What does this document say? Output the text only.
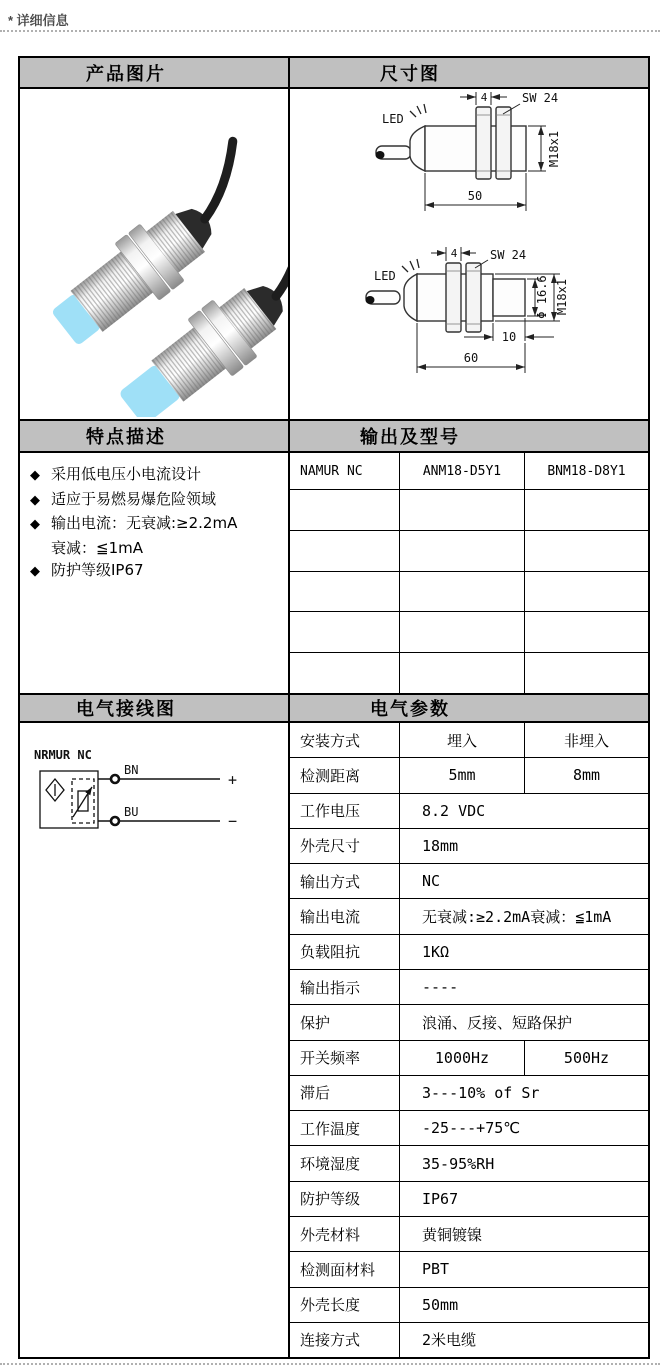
* 详细信息
产品图片	尺寸图
4	SW 24
LED
M18x1
50
4	SW 24
LED	Φ 16.6 M18x1
10
60
特点描述	输出及型号
◆ 采用低电压小电流设计
◆ 适应于易燃易爆危险领域
◆ 输出电流：无衰减:≥2.2mA
衰减：≦1mA
◆ 防护等级IP67
NAMUR NC	ANM18-D5Y1	BNM18-D8Y1
电气接线图	电气参数
NRMUR NC
BN
BU
+
−
安装方式	埋入	非埋入
检测距离	5mm	8mm
工作电压	8.2 VDC
外壳尺寸	18mm
输出方式	NC
输出电流	无衰减:≥2.2mA衰减：≦1mA
负载阻抗	1KΩ
输出指示	----
保护	浪涌、反接、短路保护
开关频率	1000Hz	500Hz
滞后	3---10% of Sr
工作温度	-25---+75℃
环境湿度	35-95%RH
防护等级	IP67
外壳材料	黄铜镀镍
检测面材料	PBT
外壳长度	50mm
连接方式	2米电缆
